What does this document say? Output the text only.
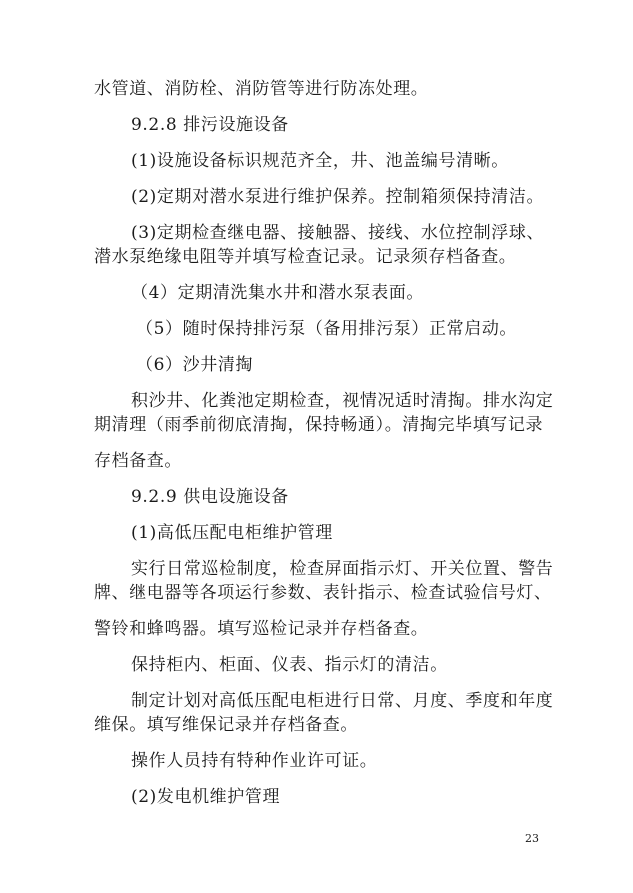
水管道、消防栓、消防管等进行防冻处理。
9.2.8 排污设施设备
(1)设施设备标识规范齐全，井、池盖编号清晰。
(2)定期对潜水泵进行维护保养。控制箱须保持清洁。
(3)定期检查继电器、接触器、接线、水位控制浮球、
潜水泵绝缘电阻等并填写检查记录。记录须存档备查。
（4）定期清洗集水井和潜水泵表面。
（5）随时保持排污泵（备用排污泵）正常启动。
（6）沙井清掏
积沙井、化粪池定期检查，视情况适时清掏。排水沟定
期清理（雨季前彻底清掏，保持畅通）。清掏完毕填写记录
存档备查。
9.2.9 供电设施设备
(1)高低压配电柜维护管理
实行日常巡检制度，检查屏面指示灯、开关位置、警告
牌、继电器等各项运行参数、表针指示、检查试验信号灯、
警铃和蜂鸣器。填写巡检记录并存档备查。
保持柜内、柜面、仪表、指示灯的清洁。
制定计划对高低压配电柜进行日常、月度、季度和年度
维保。填写维保记录并存档备查。
操作人员持有特种作业许可证。
(2)发电机维护管理
23
